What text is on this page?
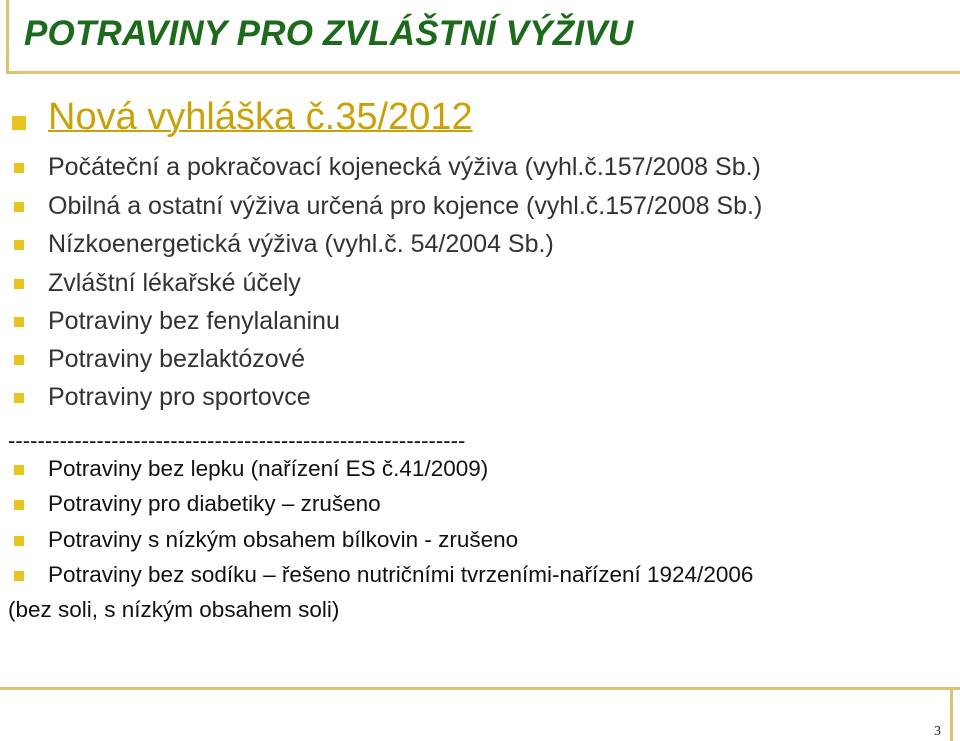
POTRAVINY PRO ZVLÁŠTNÍ VÝŽIVU
Nová vyhláška č.35/2012
Počáteční a pokračovací kojenecká výživa (vyhl.č.157/2008 Sb.)
Obilná a ostatní výživa určená pro kojence (vyhl.č.157/2008 Sb.)
Nízkoenergetická výživa (vyhl.č. 54/2004 Sb.)
Zvláštní lékařské účely
Potraviny bez fenylalaninu
Potraviny bezlaktózové
Potraviny pro sportovce
--------------------------------------------------------------
Potraviny bez lepku (nařízení ES č.41/2009)
Potraviny pro diabetiky – zrušeno
Potraviny s nízkým obsahem bílkovin - zrušeno
Potraviny bez sodíku – řešeno nutričními tvrzeními-nařízení 1924/2006
(bez soli, s nízkým obsahem soli)
3
